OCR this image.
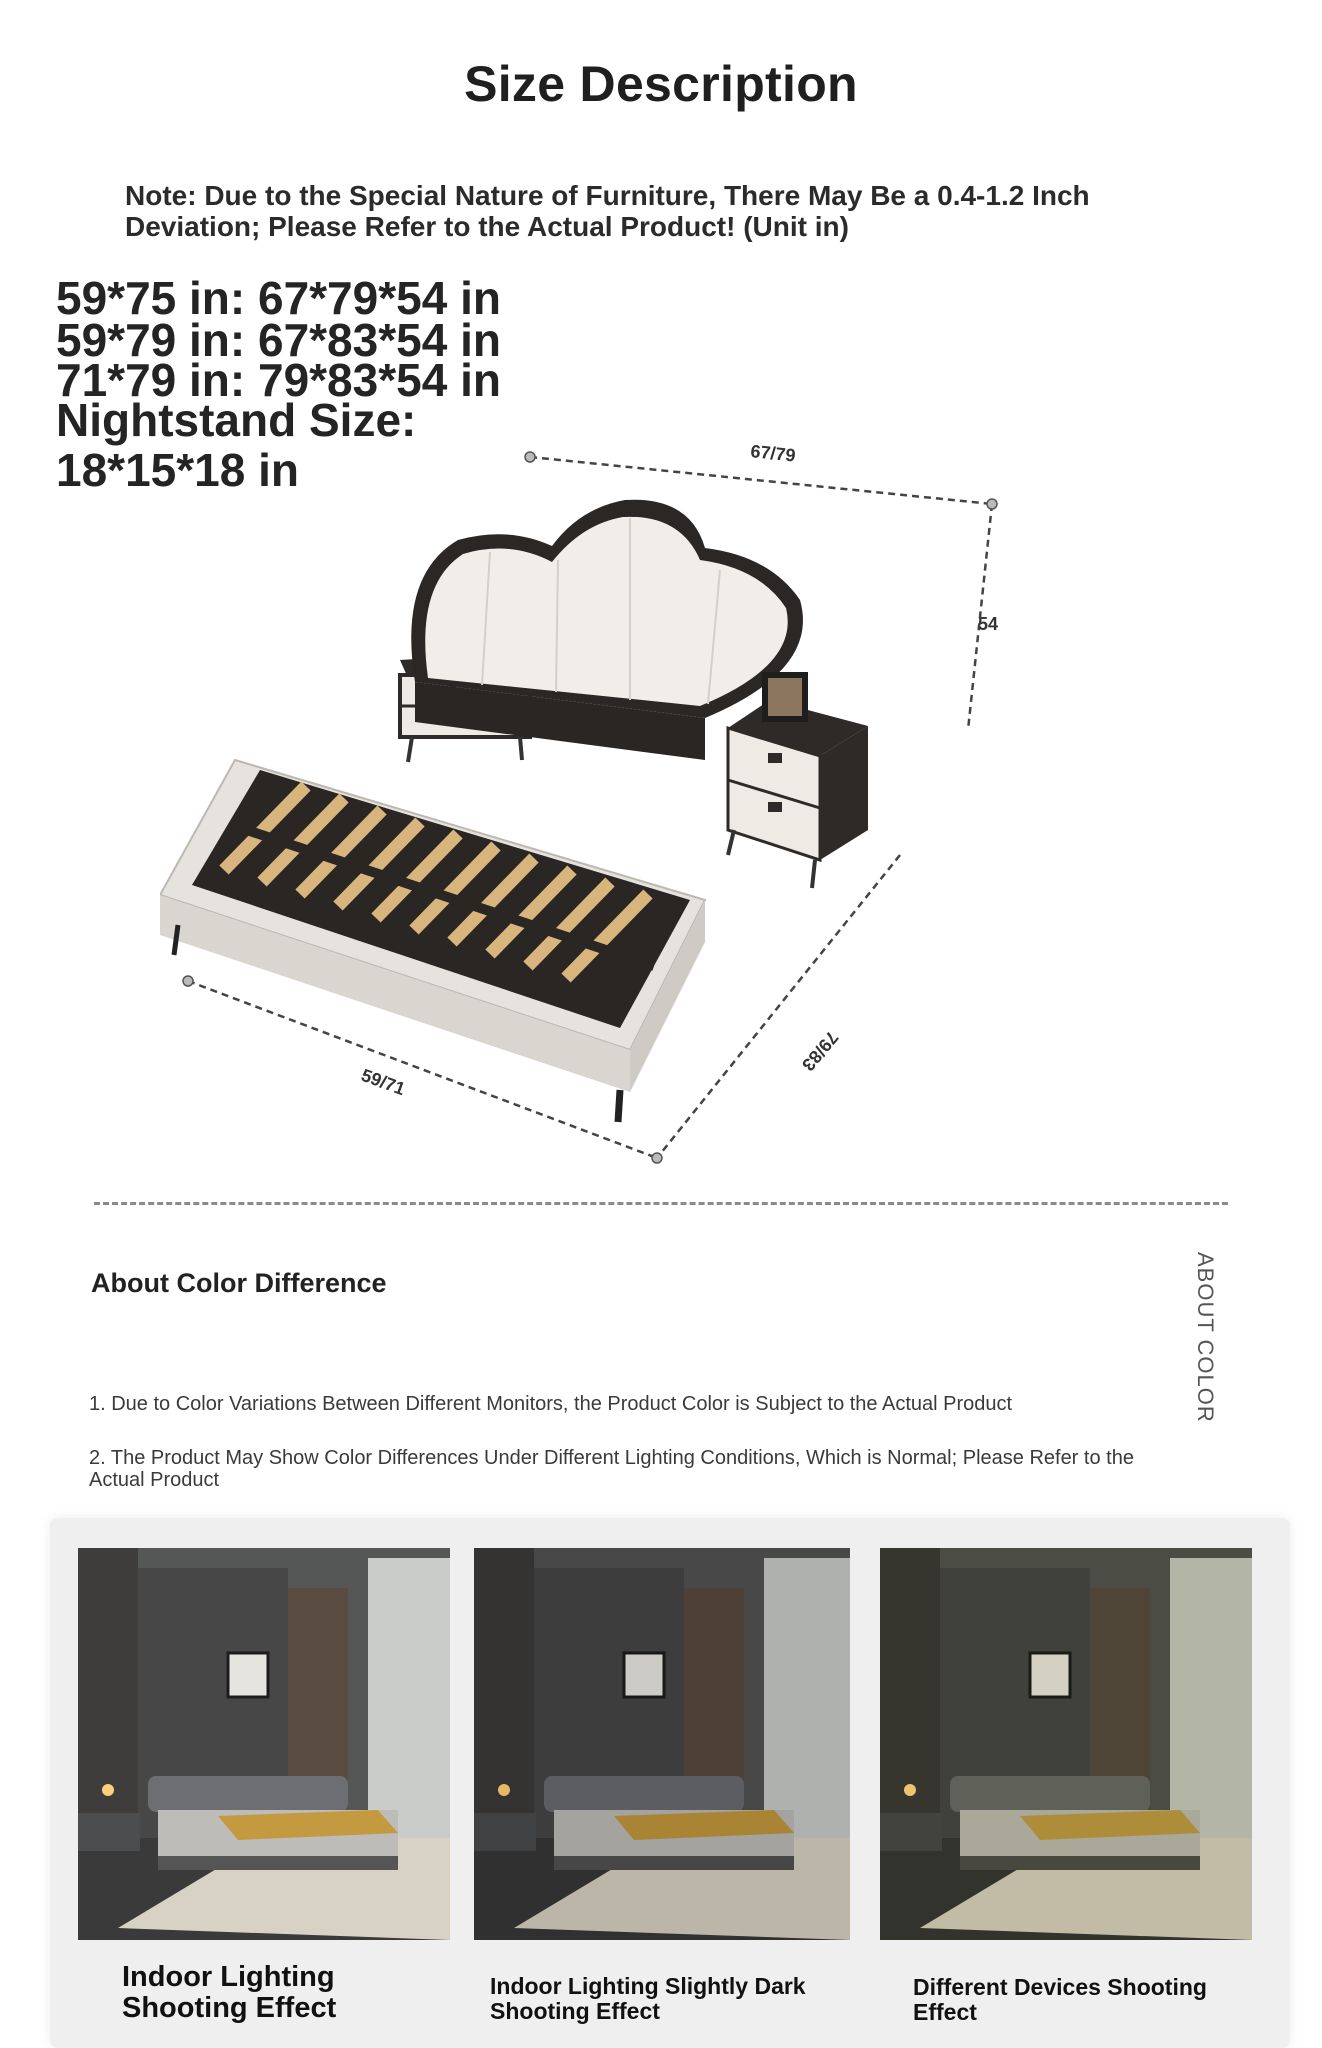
Size Description
Note: Due to the Special Nature of Furniture, There May Be a 0.4-1.2 Inch Deviation; Please Refer to the Actual Product! (Unit in)
59*75 in: 67*79*54 in
59*79 in: 67*83*54 in
71*79 in: 79*83*54 in
Nightstand Size:
18*15*18 in	67/79
54
79/83
59/71
About Color Difference	ABOUT COLOR
1. Due to Color Variations Between Different Monitors, the Product Color is Subject to the Actual Product
2. The Product May Show Color Differences Under Different Lighting Conditions, Which is Normal; Please Refer to the Actual Product
Indoor Lighting Shooting Effect
Indoor Lighting Slightly Dark Shooting Effect
Different Devices Shooting Effect
